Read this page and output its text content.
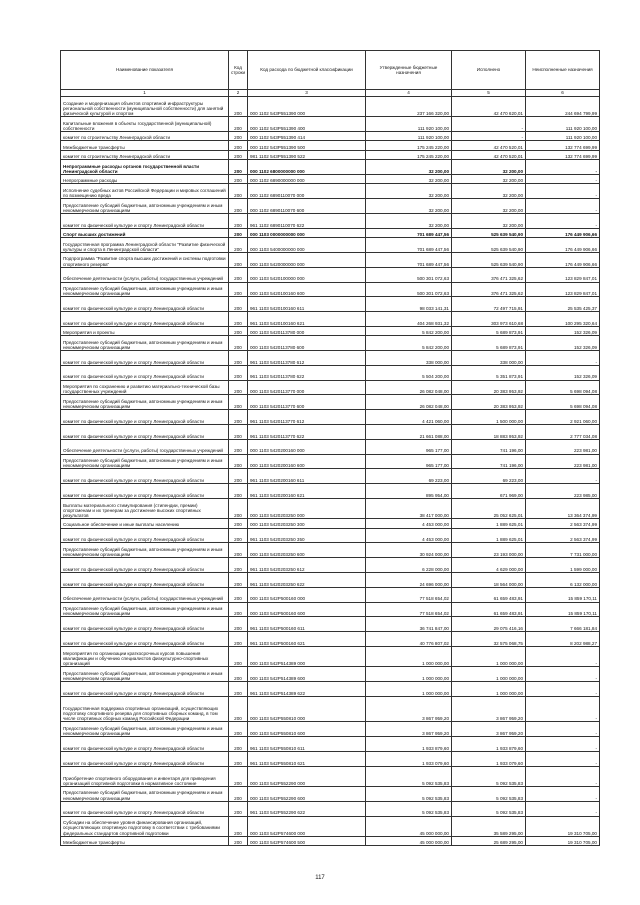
Наименование показателя	Код строки	Код расхода по бюджетной классификации	Утвержденные бюджетные назначения	Исполнено	Неисполненные назначения
1	2	3	4	5	6
Создание и модернизация объектов спортивной инфраструктуры региональной собственности (муниципальной собственности) для занятий физической культурой и спортом	200	000 1102 543P551390 000	237 166 320,00	42 470 620,01	244 694 799,99
Капитальные вложения в объекты государственной (муниципальной) собственности	200	000 1102 543P551390 400	111 920 100,00	-	111 920 100,00
комитет по строительству Ленинградской области	200	000 1102 543P551390 414	111 920 100,00	-	111 920 100,00
Межбюджетные трансферты	200	000 1102 543P551390 500	175 245 220,00	42 470 520,01	132 774 699,99
комитет по строительству Ленинградской области	200	981 1102 543P551390 522	175 245 220,00	42 470 520,01	132 774 699,99
Непрограммные расходы органов государственной власти Ленинградской области	200	000 1102 6800000000 000	32 200,00	32 200,00	-
Непрограммные расходы	200	000 1102 6890000000 000	32 200,00	32 200,00	-
Исполнение судебных актов Российской Федерации и мировых соглашений по возмещению вреда	200	000 1102 6890110070 000	32 200,00	32 200,00	-
Предоставление субсидий бюджетным, автономным учреждениям и иным некоммерческим организациям	200	000 1102 6890110070 600	32 200,00	32 200,00	-
комитет по физической культуре и спорту Ленинградской области	200	961 1102 6890110070 622	32 200,00	32 200,00	-
Спорт высших достижений	200	000 1103 0000000000 000	701 689 447,56	525 639 540,90	176 449 906,66
Государственная программа Ленинградской области "Развитие физической культуры и спорта в Ленинградской области"	200	000 1103 5400000000 000	701 689 447,56	525 639 540,90	176 449 906,66
Подпрограмма "Развитие спорта высших достижений и системы подготовки спортивного резерва"	200	000 1103 5420000000 000	701 689 447,56	525 639 540,90	176 449 906,66
Обеспечение деятельности (услуги, работы) государственных учреждений	200	000 1103 5420100000 000	500 301 072,63	376 471 325,62	123 829 847,01
Предоставление субсидий бюджетным, автономным учреждениям и иным некоммерческим организациям	200	000 1103 5420100160 600	500 301 072,63	376 471 325,62	123 829 847,01
комитет по физической культуре и спорту Ленинградской области	200	961 1103 5420100160 611	98 033 141,31	72 497 715,91	25 535 425,37
комитет по физической культуре и спорту Ленинградской области	200	961 1103 5420100160 621	404 268 931,32	303 973 610,68	100 295 320,64
Мероприятия и проекты	200	000 1103 5420113780 000	5 842 200,00	5 689 873,91	152 326,09
Предоставление субсидий бюджетным, автономным учреждениям и иным некоммерческим организациям	200	000 1103 5420113780 600	5 842 200,00	5 689 873,91	152 326,09
комитет по физической культуре и спорту Ленинградской области	200	961 1103 5420113780 612	338 000,00	338 000,00	-
комитет по физической культуре и спорту Ленинградской области	200	961 1103 5420113780 622	5 504 200,00	5 351 873,91	152 326,09
Мероприятия по сохранению и развитию материально-технической базы государственных учреждений	200	000 1103 5420113770 000	26 082 048,00	20 383 953,92	5 698 094,08
Предоставление субсидий бюджетным, автономным учреждениям и иным некоммерческим организациям	200	000 1103 5420113770 600	26 082 048,00	20 383 953,92	5 698 094,08
комитет по физической культуре и спорту Ленинградской области	200	961 1103 5420113770 612	4 421 060,00	1 500 000,00	2 921 060,00
комитет по физической культуре и спорту Ленинградской области	200	961 1103 5420113770 622	21 661 088,00	18 883 953,92	2 777 034,08
Обеспечение деятельности (услуги, работы) государственных учреждений	200	000 1103 5420200160 000	965 177,00	741 196,00	223 981,00
Предоставление субсидий бюджетным, автономным учреждениям и иным некоммерческим организациям	200	000 1103 5420200160 600	965 177,00	741 196,00	223 981,00
комитет по физической культуре и спорту Ленинградской области	200	961 1103 5420200160 611	69 223,00	69 223,00	-
комитет по физической культуре и спорту Ленинградской области	200	961 1103 5420200160 621	895 954,00	671 969,00	223 985,00
Выплаты материального стимулирования (стипендии, премии) спортсменам и их тренерам за достижение высоких спортивных результатов	200	000 1103 5420203250 000	38 417 000,00	25 052 625,01	13 364 374,99
Социальное обеспечение и иные выплаты населению	200	000 1103 5420203250 300	4 453 000,00	1 889 625,01	2 563 374,99
комитет по физической культуре и спорту Ленинградской области	200	961 1103 5420203250 350	4 453 000,00	1 889 625,01	2 563 374,99
Предоставление субсидий бюджетным, автономным учреждениям и иным некоммерческим организациям	200	000 1103 5420203250 600	30 924 000,00	23 193 000,00	7 731 000,00
комитет по физической культуре и спорту Ленинградской области	200	961 1103 5420203250 612	6 228 000,00	4 629 000,00	1 599 000,00
комитет по физической культуре и спорту Ленинградской области	200	961 1103 5420203250 622	24 696 000,00	18 564 000,00	6 132 000,00
Обеспечение деятельности (услуги, работы) государственных учреждений	200	000 1103 542P500160 000	77 518 654,02	61 659 483,91	15 859 170,11
Предоставление субсидий бюджетным, автономным учреждениям и иным некоммерческим организациям	200	000 1103 542P500160 600	77 518 654,02	61 659 483,91	15 859 170,11
комитет по физической культуре и спорту Ленинградской области	200	961 1103 542P500160 611	36 741 847,00	29 075 416,16	7 666 181,84
комитет по физической культуре и спорту Ленинградской области	200	961 1103 542P500160 621	40 776 807,02	32 575 068,75	8 202 988,27
Мероприятия по организации краткосрочных курсов повышения квалификации и обучению специалистов физкультурно-спортивных организаций	200	000 1103 542P514389 000	1 000 000,00	1 000 000,00	-
Предоставление субсидий бюджетным, автономным учреждениям и иным некоммерческим организациям	200	000 1103 542P514389 600	1 000 000,00	1 000 000,00	-
комитет по физической культуре и спорту Ленинградской области	200	961 1103 542P514389 622	1 000 000,00	1 000 000,00	-
Государственная поддержка спортивных организаций, осуществляющих подготовку спортивного резерва для спортивных сборных команд, в том числе спортивных сборных команд Российской Федерации	200	000 1103 542P550810 000	3 867 959,20	3 867 959,20	-
Предоставление субсидий бюджетным, автономным учреждениям и иным некоммерческим организациям	200	000 1103 542P550810 600	3 867 959,20	3 867 959,20	-
комитет по физической культуре и спорту Ленинградской области	200	961 1103 542P550810 611	1 933 879,60	1 933 879,60	-
комитет по физической культуре и спорту Ленинградской области	200	961 1103 542P550810 621	1 933 079,60	1 933 079,60	-
Приобретение спортивного оборудования и инвентаря для приведения организаций спортивной подготовки в нормативное состояние	200	000 1103 542P552290 000	5 092 535,83	5 092 535,83	-
Предоставление субсидий бюджетным, автономным учреждениям и иным некоммерческим организациям	200	000 1103 542P552290 600	5 092 535,83	5 092 535,83	-
комитет по физической культуре и спорту Ленинградской области	200	961 1103 542P552290 622	5 092 535,83	5 092 535,83	-
Субсидии на обеспечение уровня финансирования организаций, осуществляющих спортивную подготовку в соответствии с требованиями федеральных стандартов спортивной подготовки	200	000 1103 542P574600 000	45 000 000,00	35 589 295,00	19 310 705,00
Межбюджетные трансферты	200	000 1103 542P574600 500	45 000 000,00	25 689 295,00	19 310 705,00
117
